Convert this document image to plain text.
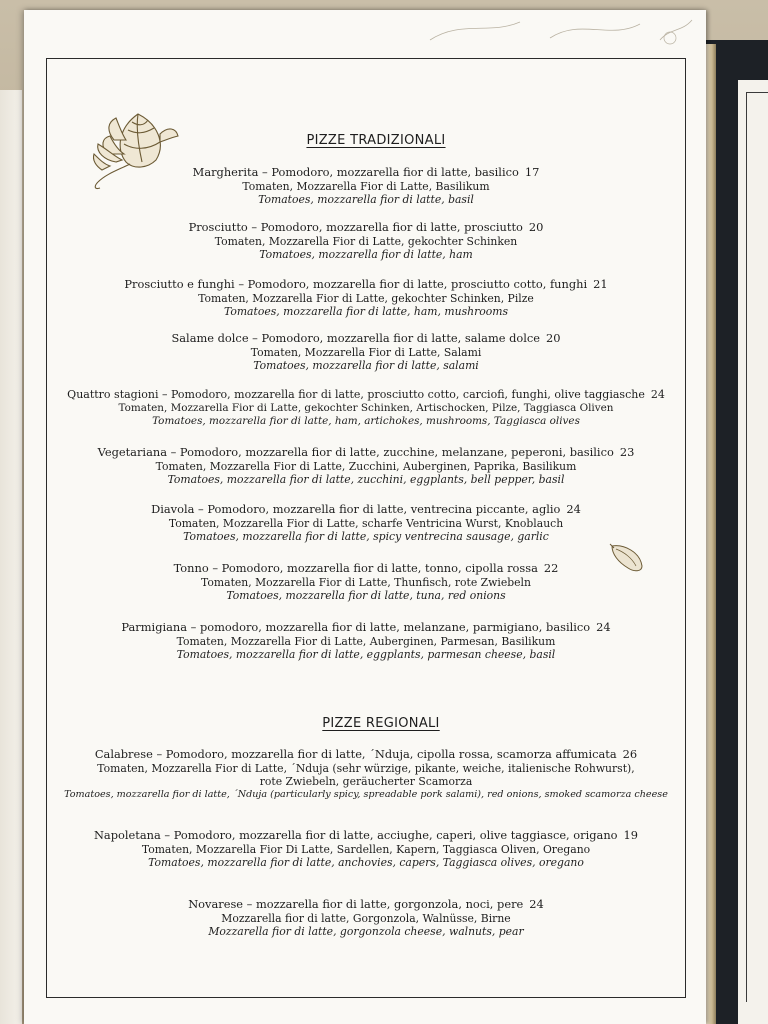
PIZZE TRADIZIONALI
Margherita – Pomodoro, mozzarella fior di latte, basilico 17
Tomaten, Mozzarella Fior di Latte, Basilikum
Tomatoes, mozzarella fior di latte, basil
Prosciutto – Pomodoro, mozzarella fior di latte, prosciutto 20
Tomaten, Mozzarella Fior di Latte, gekochter Schinken
Tomatoes, mozzarella fior di latte, ham
Prosciutto e funghi – Pomodoro, mozzarella fior di latte, prosciutto cotto, funghi 21
Tomaten, Mozzarella Fior di Latte, gekochter Schinken, Pilze
Tomatoes, mozzarella fior di latte, ham, mushrooms
Salame dolce – Pomodoro, mozzarella fior di latte, salame dolce 20
Tomaten, Mozzarella Fior di Latte, Salami
Tomatoes, mozzarella fior di latte, salami
Quattro stagioni – Pomodoro, mozzarella fior di latte, prosciutto cotto, carciofi, funghi, olive taggiasche 24
Tomaten, Mozzarella Fior di Latte, gekochter Schinken, Artischocken, Pilze, Taggiasca Oliven
Tomatoes, mozzarella fior di latte, ham, artichokes, mushrooms, Taggiasca olives
Vegetariana – Pomodoro, mozzarella fior di latte, zucchine, melanzane, peperoni, basilico 23
Tomaten, Mozzarella Fior di Latte, Zucchini, Auberginen, Paprika, Basilikum
Tomatoes, mozzarella fior di latte, zucchini, eggplants, bell pepper, basil
Diavola – Pomodoro, mozzarella fior di latte, ventrecina piccante, aglio 24
Tomaten, Mozzarella Fior di Latte, scharfe Ventricina Wurst, Knoblauch
Tomatoes, mozzarella fior di latte, spicy ventrecina sausage, garlic
Tonno – Pomodoro, mozzarella fior di latte, tonno, cipolla rossa 22
Tomaten, Mozzarella Fior di Latte, Thunfisch, rote Zwiebeln
Tomatoes, mozzarella fior di latte, tuna, red onions
Parmigiana – pomodoro, mozzarella fior di latte, melanzane, parmigiano, basilico 24
Tomaten, Mozzarella Fior di Latte, Auberginen, Parmesan, Basilikum
Tomatoes, mozzarella fior di latte, eggplants, parmesan cheese, basil
PIZZE REGIONALI
Calabrese – Pomodoro, mozzarella fior di latte, ´Nduja, cipolla rossa, scamorza affumicata 26
Tomaten, Mozzarella Fior di Latte, ´Nduja (sehr würzige, pikante, weiche, italienische Rohwurst),
rote Zwiebeln, geräucherter Scamorza
Tomatoes, mozzarella fior di latte, ´Nduja (particularly spicy, spreadable pork salami), red onions, smoked scamorza cheese
Napoletana – Pomodoro, mozzarella fior di latte, acciughe, caperi, olive taggiasce, origano 19
Tomaten, Mozzarella Fior Di Latte, Sardellen, Kapern, Taggiasca Oliven, Oregano
Tomatoes, mozzarella fior di latte, anchovies, capers, Taggiasca olives, oregano
Novarese – mozzarella fior di latte, gorgonzola, noci, pere 24
Mozzarella fior di latte, Gorgonzola, Walnüsse, Birne
Mozzarella fior di latte, gorgonzola cheese, walnuts, pear
